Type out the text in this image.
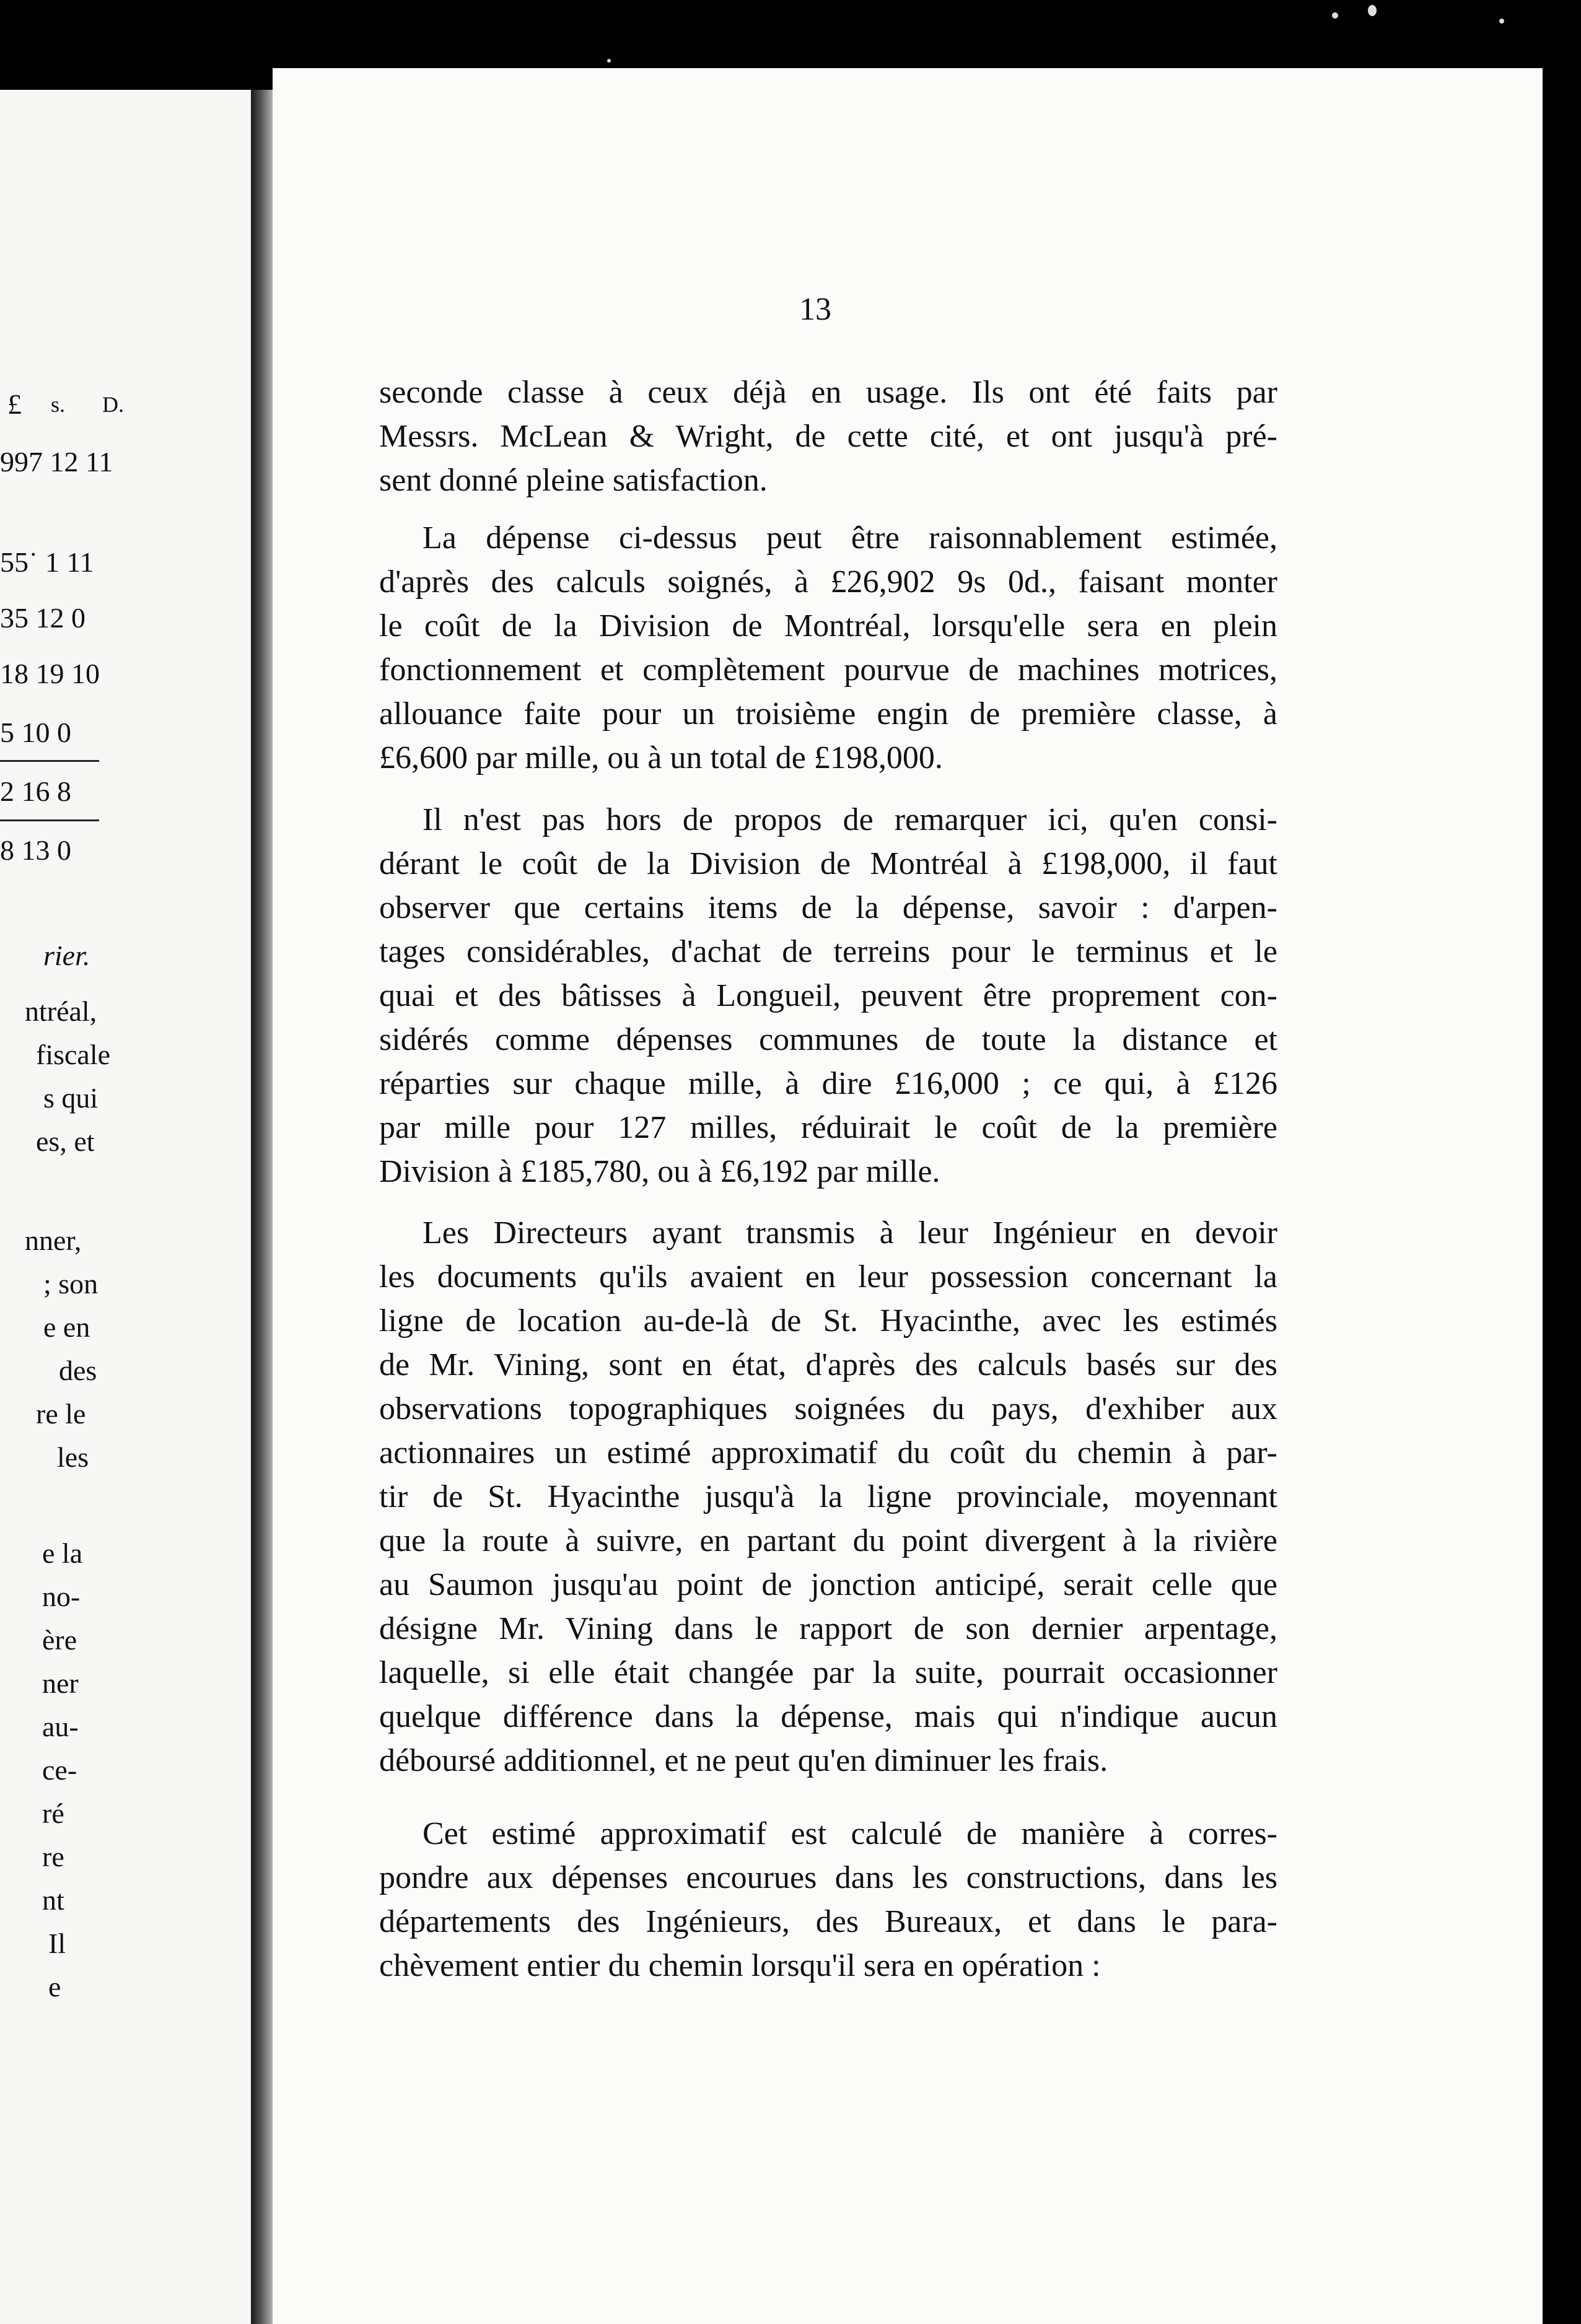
£ s. D.
997 12 11
55˙ 1 11
35 12 0
18 19 10
5 10 0
2 16 8
8 13 0
rier.
ntréal,
fiscale
s qui
es, et
nner,
; son
e en
des
re le
les
e la
no-
ère
ner
au-
ce-
ré
re
nt
Il
e
13
seconde classe à ceux déjà en usage. Ils ont été faits par
Messrs. McLean & Wright, de cette cité, et ont jusqu'à pré-
sent donné pleine satisfaction.
La dépense ci-dessus peut être raisonnablement estimée,
d'après des calculs soignés, à £26,902 9s 0d., faisant monter
le coût de la Division de Montréal, lorsqu'elle sera en plein
fonctionnement et complètement pourvue de machines motrices,
allouance faite pour un troisième engin de première classe, à
£6,600 par mille, ou à un total de £198,000.
Il n'est pas hors de propos de remarquer ici, qu'en consi-
dérant le coût de la Division de Montréal à £198,000, il faut
observer que certains items de la dépense, savoir : d'arpen-
tages considérables, d'achat de terreins pour le terminus et le
quai et des bâtisses à Longueil, peuvent être proprement con-
sidérés comme dépenses communes de toute la distance et
réparties sur chaque mille, à dire £16,000 ; ce qui, à £126
par mille pour 127 milles, réduirait le coût de la première
Division à £185,780, ou à £6,192 par mille.
Les Directeurs ayant transmis à leur Ingénieur en devoir
les documents qu'ils avaient en leur possession concernant la
ligne de location au-de-là de St. Hyacinthe, avec les estimés
de Mr. Vining, sont en état, d'après des calculs basés sur des
observations topographiques soignées du pays, d'exhiber aux
actionnaires un estimé approximatif du coût du chemin à par-
tir de St. Hyacinthe jusqu'à la ligne provinciale, moyennant
que la route à suivre, en partant du point divergent à la rivière
au Saumon jusqu'au point de jonction anticipé, serait celle que
désigne Mr. Vining dans le rapport de son dernier arpentage,
laquelle, si elle était changée par la suite, pourrait occasionner
quelque différence dans la dépense, mais qui n'indique aucun
déboursé additionnel, et ne peut qu'en diminuer les frais.
Cet estimé approximatif est calculé de manière à corres-
pondre aux dépenses encourues dans les constructions, dans les
départements des Ingénieurs, des Bureaux, et dans le para-
chèvement entier du chemin lorsqu'il sera en opération :
